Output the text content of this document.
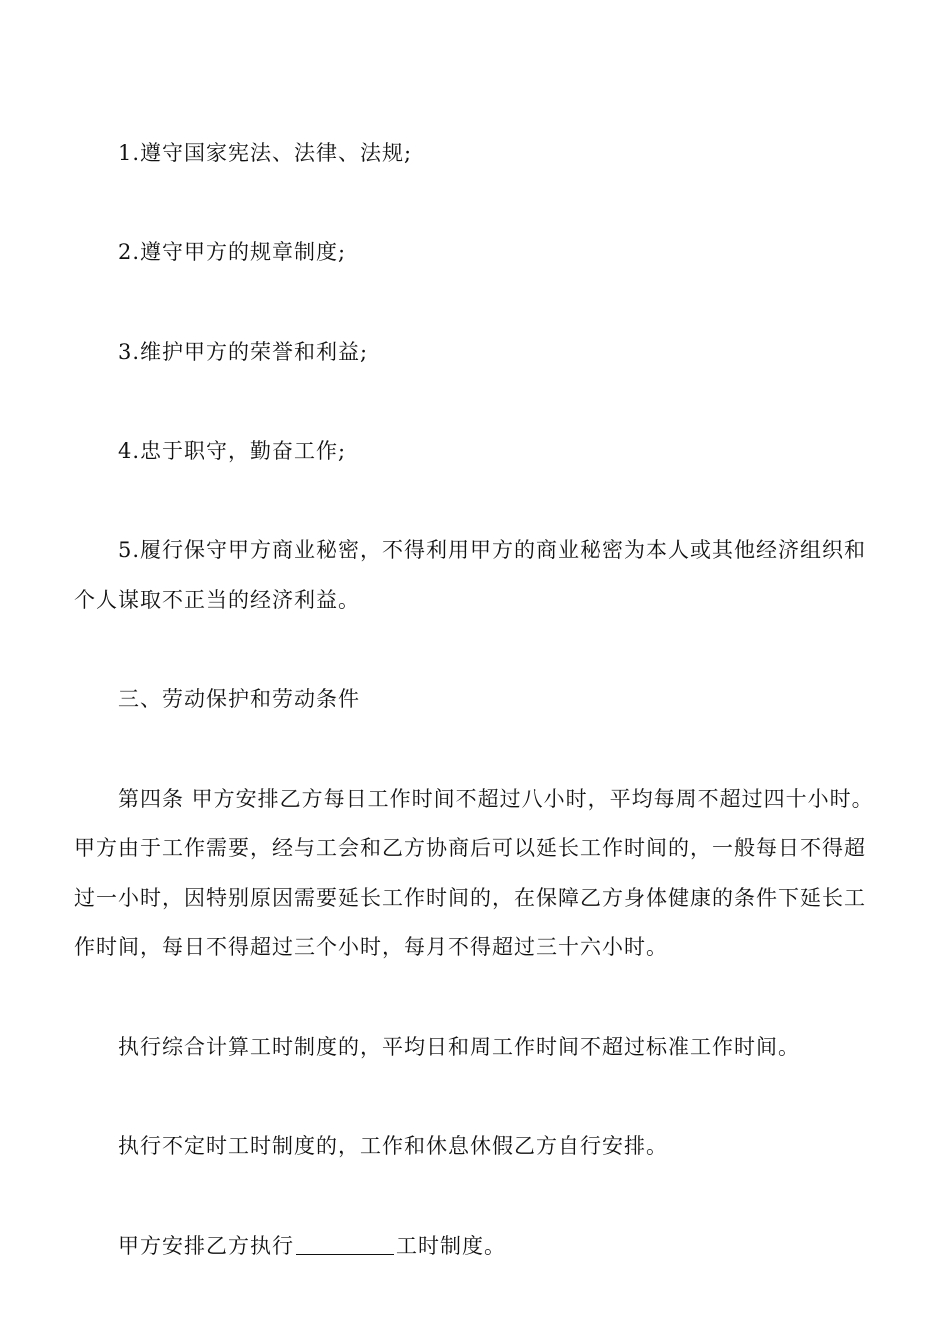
1.遵守国家宪法、法律、法规;
2.遵守甲方的规章制度;
3.维护甲方的荣誉和利益;
4.忠于职守，勤奋工作;
5.履行保守甲方商业秘密，不得利用甲方的商业秘密为本人或其他经济组织和
个人谋取不正当的经济利益。
三、劳动保护和劳动条件
第四条 甲方安排乙方每日工作时间不超过八小时，平均每周不超过四十小时。
甲方由于工作需要，经与工会和乙方协商后可以延长工作时间的，一般每日不得超
过一小时，因特别原因需要延长工作时间的，在保障乙方身体健康的条件下延长工
作时间，每日不得超过三个小时，每月不得超过三十六小时。
执行综合计算工时制度的，平均日和周工作时间不超过标准工作时间。
执行不定时工时制度的，工作和休息休假乙方自行安排。
甲方安排乙方执行	工时制度。
